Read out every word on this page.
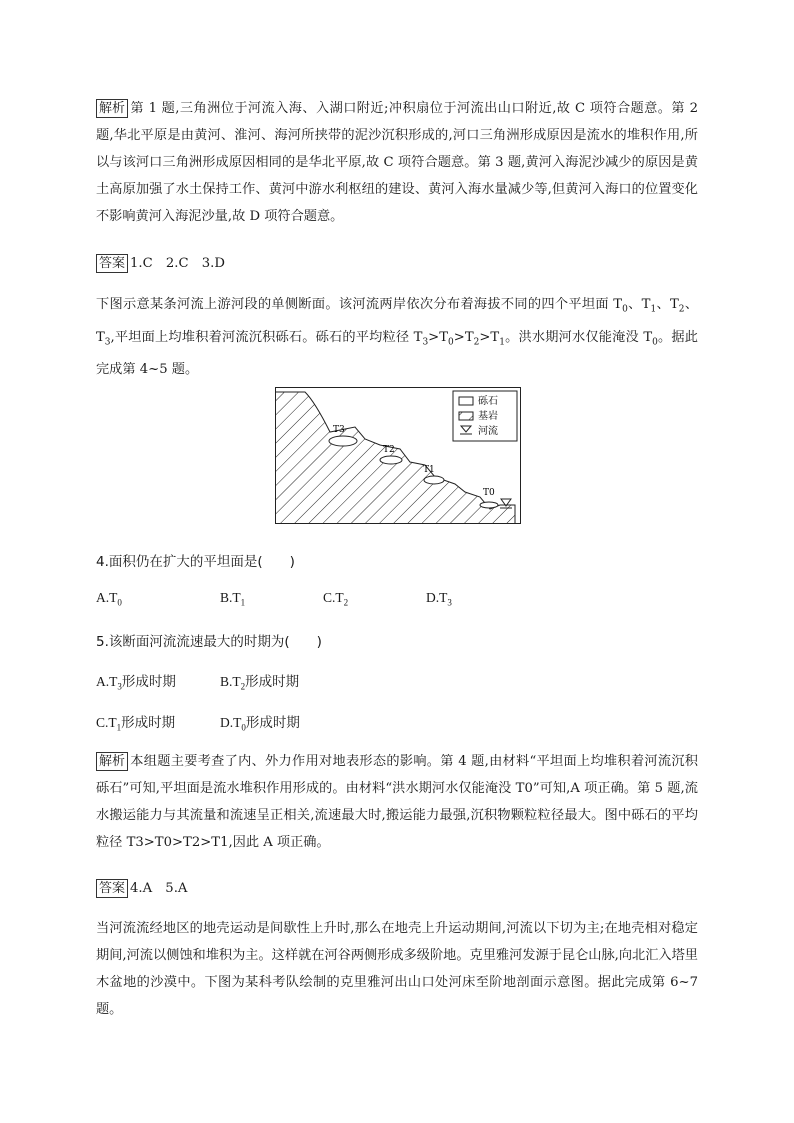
解析 第 1 题,三角洲位于河流入海、入湖口附近;冲积扇位于河流出山口附近,故 C 项符合题意。第 2 题,华北平原是由黄河、淮河、海河所挟带的泥沙沉积形成的,河口三角洲形成原因是流水的堆积作用,所以与该河口三角洲形成原因相同的是华北平原,故 C 项符合题意。第 3 题,黄河入海泥沙减少的原因是黄土高原加强了水土保持工作、黄河中游水利枢纽的建设、黄河入海水量减少等,但黄河入海口的位置变化不影响黄河入海泥沙量,故 D 项符合题意。
答案 1.C　2.C　3.D
下图示意某条河流上游河段的单侧断面。该河流两岸依次分布着海拔不同的四个平坦面 $T_0$、$T_1$、$T_2$、$T_3$,平坦面上均堆积着河流沉积砾石。砾石的平均粒径 $T_3>T_0>T_2>T_1$。洪水期河水仅能淹没 $T_0$。据此完成第 4~5 题。
T3
T2
T1
T0
砾石
基岩
河流
4.面积仍在扩大的平坦面是(　　)
$A.T_0$	$B.T_1$	$C.T_2$	$D.T_3$
5.该断面河流流速最大的时期为(　　)
$A.T_3$形成时期	$B.T_2$形成时期
$C.T_1$形成时期	$D.T_0$形成时期
解析 本组题主要考查了内、外力作用对地表形态的影响。第 4 题,由材料“平坦面上均堆积着河流沉积砾石”可知,平坦面是流水堆积作用形成的。由材料“洪水期河水仅能淹没 T0”可知,A 项正确。第 5 题,流水搬运能力与其流量和流速呈正相关,流速最大时,搬运能力最强,沉积物颗粒粒径最大。图中砾石的平均粒径 T3>T0>T2>T1,因此 A 项正确。
答案 4.A　5.A
当河流流经地区的地壳运动是间歇性上升时,那么在地壳上升运动期间,河流以下切为主;在地壳相对稳定期间,河流以侧蚀和堆积为主。这样就在河谷两侧形成多级阶地。克里雅河发源于昆仑山脉,向北汇入塔里木盆地的沙漠中。下图为某科考队绘制的克里雅河出山口处河床至阶地剖面示意图。据此完成第 6~7 题。
